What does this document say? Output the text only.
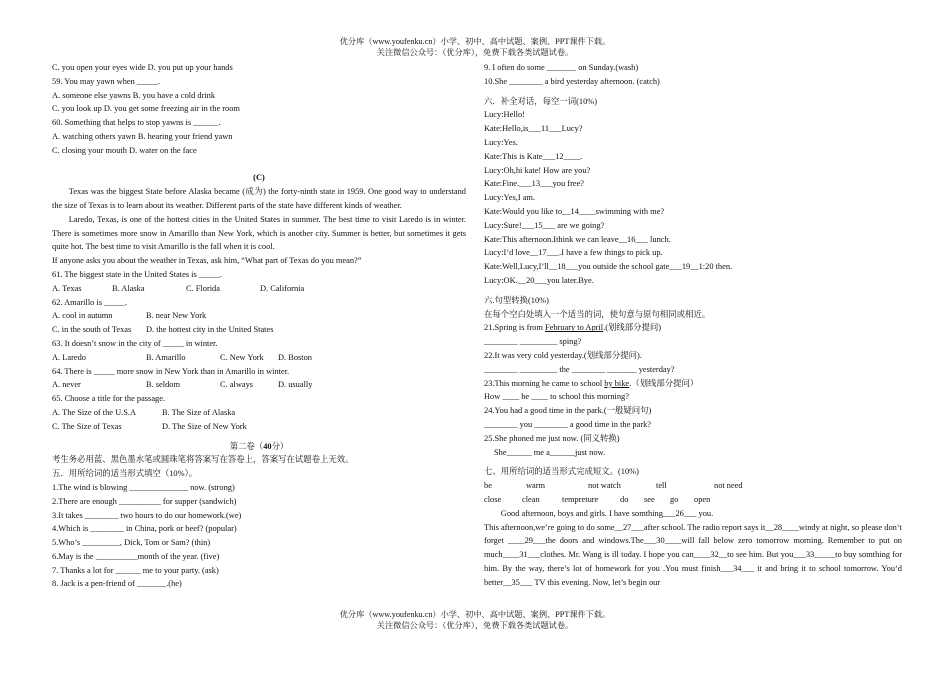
优分库（www.youfenku.cn）小学、初中、高中试题、案例、PPT课件下载。
关注微信公众号：（优分库），免费下载各类试题试卷。
C. you open your eyes wide D. you put up your hands
59. You may yawn when _____.
A. someone else yawns B. you have a cold drink
C. you look up D. you get some freezing air in the room
60. Something that helps to stop yawns is ______.
A. watching others yawn B. hearing your friend yawn
C. closing your mouth D. water on the face
(C)
Texas was the biggest State before Alaska became (成为) the forty-ninth state in 1959. One good way to understand the size of Texas is to learn about its weather. Different parts of the state have different kinds of weather.
Laredo, Texas, is one of the hottest cities in the United States in summer. The best time to visit Laredo is in winter. There is sometimes more snow in Amarillo than New York, which is another city. Summer is better, but sometimes it gets quite hot. The best time to visit Amarillo is the fall when it is cool.
If anyone asks you about the weather in Texas, ask him, “What part of Texas do you mean?”
61. The biggest state in the United States is _____.
A. Texas	B. Alaska	C. Florida	D. California
62. Amarillo is _____.
A. cool in autumn	B. near New York
C. in the south of Texas	D. the hottest city in the United States
63. It doesn’t snow in the city of _____ in winter.
A. Laredo	B. Amarillo	C. New York	D. Boston
64. There is _____ more snow in New York than in Amarillo in winter.
A. never	B. seldom	C. always	D. usually
65. Choose a title for the passage.
A. The Size of the U.S.A	B. The Size of Alaska
C. The Size of Texas	D. The Size of New York
第二卷（40分）
考生务必用蓝、黑色墨水笔或圆珠笔将答案写在答卷上，答案写在试题卷上无效。
五．用所给词的适当形式填空（10%）。
1.The wind is blowing ______________ now. (strong)
2.There are enough __________ for supper (sandwich)
3.It takes ________ two hours to do our homework.(we)
4.Which is ________ in China, pork or beef? (popular)
5.Who’s _________, Dick, Tom or Sam? (thin)
6.May is the __________month of the year. (five)
7. Thanks a lot for ______ me to your party. (ask)
8. Jack is a pen-friend of _______.(he)
9. I often do some _______ on Sunday.(wash)
10.She ________ a bird yesterday afternoon. (catch)
六．补全对话，每空一词(10%)
Lucy:Hello!
Kate:Hello,is___11___Lucy?
Lucy:Yes.
Kate:This is Kate___12____.
Lucy:Oh,hi kate! How are you?
Kate:Fine.___13___you free?
Lucy:Yes,I am.
Kate:Would you like to__14____swimming with me?
Lucy:Sure!___15___ are we going?
Kate:This afternoon.Ithink we can leave__16___ lunch.
Lucy:I’d love__17___.I have a few things to pick up.
Kate:Well,Lucy,I’ll__18___you outside the school gate___19__1:20 then.
Lucy:OK.__20___you later.Bye.
六.句型转换(10%)
在每个空白处填入一个适当的词，使句意与原句相同或相近。
21.Spring is from February to April.(划线部分提问)
________ _________ sping?
22.It was very cold yesterday.(划线部分提问).
________ _________ the ________ _______ yesterday?
23.This morning he came to school by bike.（划线部分提问）
How ____ he ____ to school this morning?
24.You had a good time in the park.(一般疑问句)
________ you ________ a good time in the park?
25.She phoned me just now. (同义转换)
She______ me a______just now.
七、用所给词的适当形式完成短文。(10%)
be	warm	not watch	tell	not need
close	clean	tempreture	do	see	go	open
Good afternoon, boys and girls. I have somthing___26___ you.
This afternoon,we’re going to do some__27___after school. The radio report says it__28____windy at night, so please don‘t forget ____29___the doors and windows.The___30____will fall below zero tomorrow morning. Remember to put on much____31___clothes. Mr. Wang is ill today. I hope you can____32__to see him. But you___33_____to buy somthing for him. By the way, there’s lot of homework for you .You must finish___34___ it and bring it to school tomorrow. You‘d better__35___ TV this evening. Now, let’s begin our
优分库（www.youfenku.cn）小学、初中、高中试题、案例、PPT课件下载。
关注微信公众号：（优分库），免费下载各类试题试卷。
